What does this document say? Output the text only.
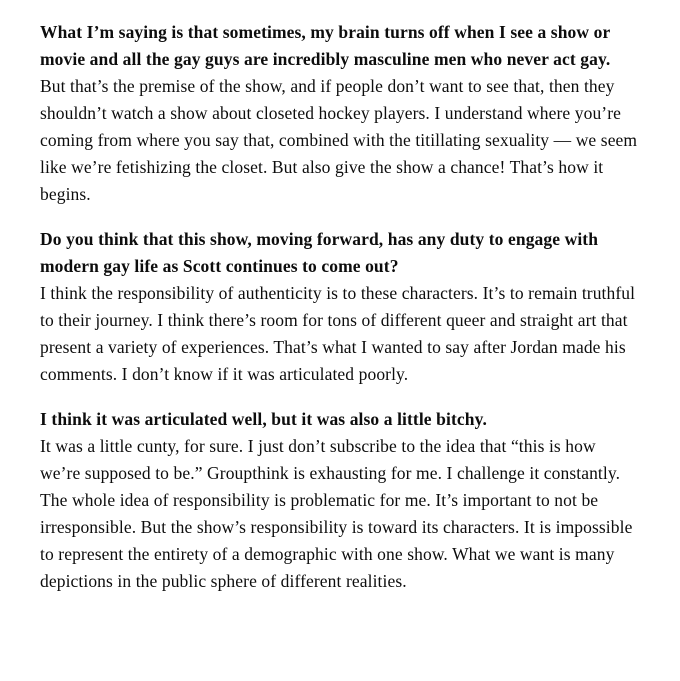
What I’m saying is that sometimes, my brain turns off when I see a show or movie and all the gay guys are incredibly masculine men who never act gay.

But that’s the premise of the show, and if people don’t want to see that, then they shouldn’t watch a show about closeted hockey players. I understand where you’re coming from where you say that, combined with the titillating sexuality — we seem like we’re fetishizing the closet. But also give the show a chance! That’s how it begins.

Do you think that this show, moving forward, has any duty to engage with modern gay life as Scott continues to come out?

I think the responsibility of authenticity is to these characters. It’s to remain truthful to their journey. I think there’s room for tons of different queer and straight art that present a variety of experiences. That’s what I wanted to say after Jordan made his comments. I don’t know if it was articulated poorly.

I think it was articulated well, but it was also a little bitchy.

It was a little cunty, for sure. I just don’t subscribe to the idea that “this is how we’re supposed to be.” Groupthink is exhausting for me. I challenge it constantly. The whole idea of responsibility is problematic for me. It’s important to not be irresponsible. But the show’s responsibility is toward its characters. It is impossible to represent the entirety of a demographic with one show. What we want is many depictions in the public sphere of different realities.
